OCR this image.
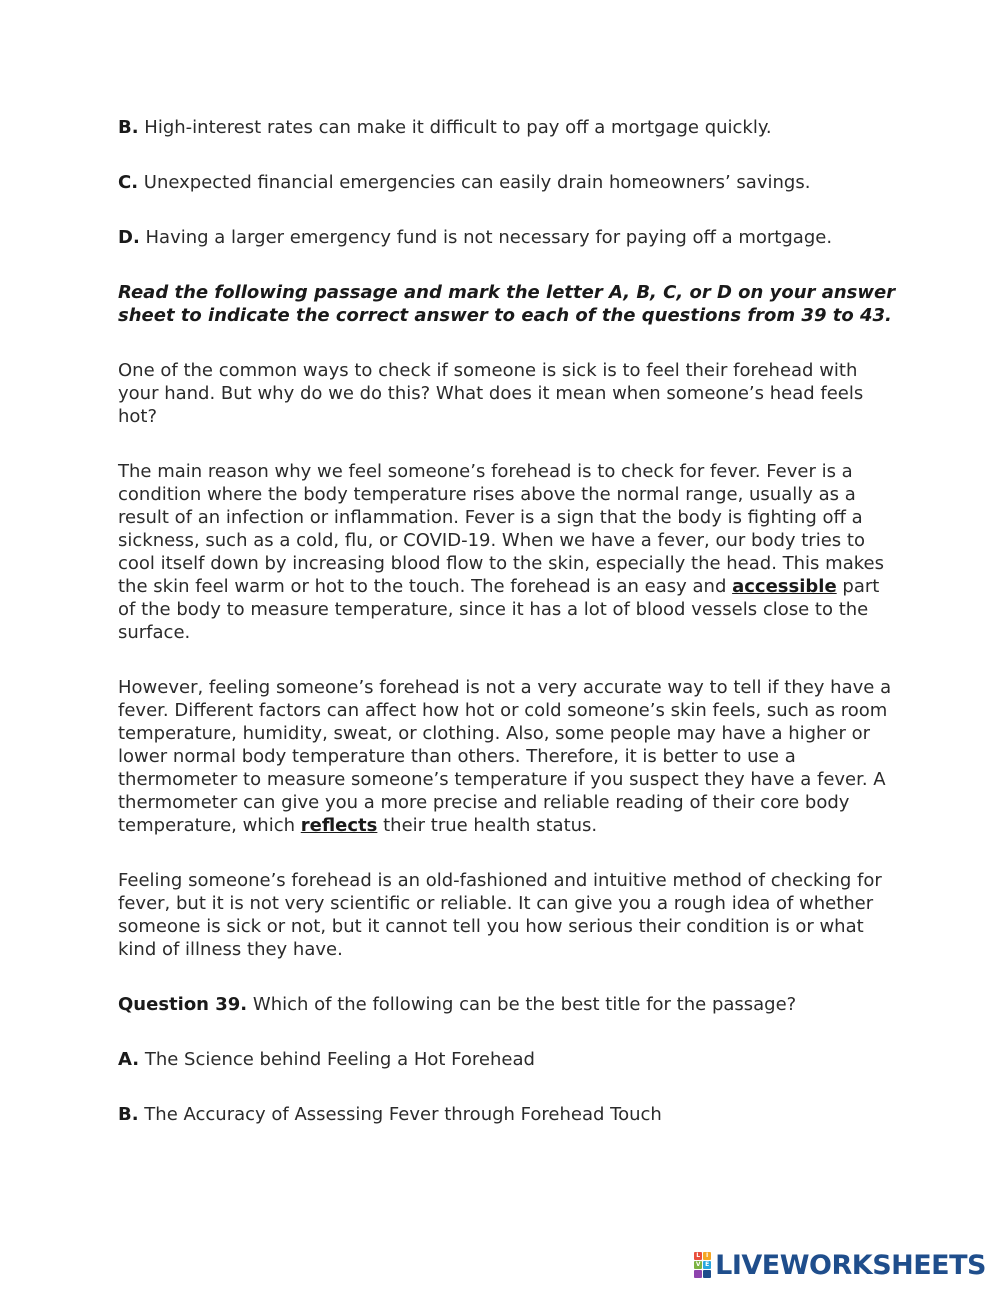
B. High-interest rates can make it difficult to pay off a mortgage quickly.

C. Unexpected financial emergencies can easily drain homeowners’ savings.

D. Having a larger emergency fund is not necessary for paying off a mortgage.

Read the following passage and mark the letter A, B, C, or D on your answer sheet to indicate the correct answer to each of the questions from 39 to 43.

One of the common ways to check if someone is sick is to feel their forehead with your hand. But why do we do this? What does it mean when someone’s head feels hot?

The main reason why we feel someone’s forehead is to check for fever. Fever is a condition where the body temperature rises above the normal range, usually as a result of an infection or inflammation. Fever is a sign that the body is fighting off a sickness, such as a cold, flu, or COVID-19. When we have a fever, our body tries to cool itself down by increasing blood flow to the skin, especially the head. This makes the skin feel warm or hot to the touch. The forehead is an easy and accessible part of the body to measure temperature, since it has a lot of blood vessels close to the surface.

However, feeling someone’s forehead is not a very accurate way to tell if they have a fever. Different factors can affect how hot or cold someone’s skin feels, such as room temperature, humidity, sweat, or clothing. Also, some people may have a higher or lower normal body temperature than others. Therefore, it is better to use a thermometer to measure someone’s temperature if you suspect they have a fever. A thermometer can give you a more precise and reliable reading of their core body temperature, which reflects their true health status.

Feeling someone’s forehead is an old-fashioned and intuitive method of checking for fever, but it is not very scientific or reliable. It can give you a rough idea of whether someone is sick or not, but it cannot tell you how serious their condition is or what kind of illness they have.

Question 39. Which of the following can be the best title for the passage?

A. The Science behind Feeling a Hot Forehead

B. The Accuracy of Assessing Fever through Forehead Touch

L I
V E LIVEWORKSHEETS
